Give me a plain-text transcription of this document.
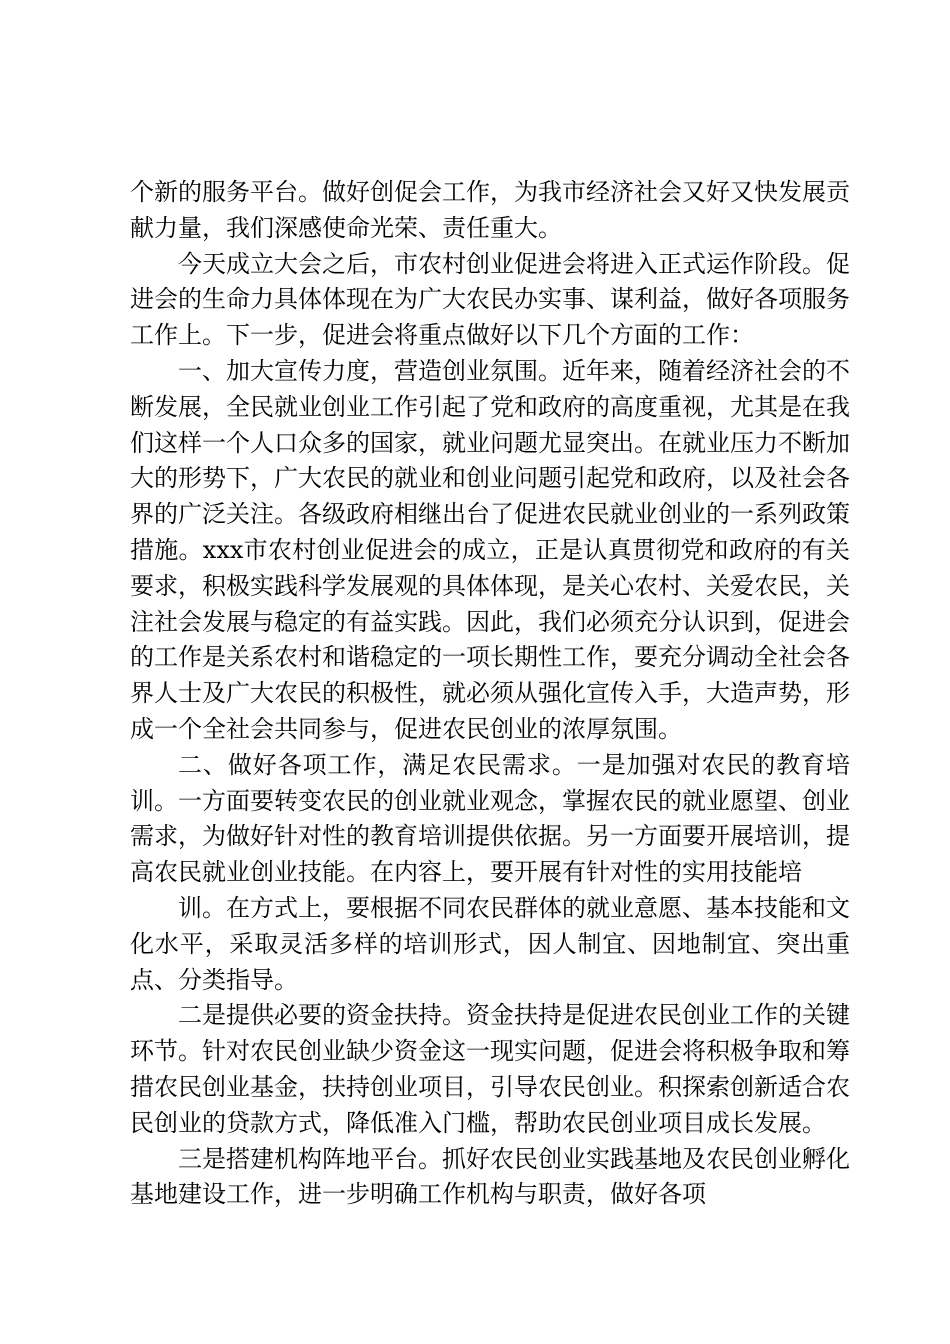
个新的服务平台。做好创促会工作，为我市经济社会又好又快发展贡献力量，我们深感使命光荣、责任重大。

今天成立大会之后，市农村创业促进会将进入正式运作阶段。促进会的生命力具体体现在为广大农民办实事、谋利益，做好各项服务工作上。下一步，促进会将重点做好以下几个方面的工作：

一、加大宣传力度，营造创业氛围。近年来，随着经济社会的不断发展，全民就业创业工作引起了党和政府的高度重视，尤其是在我们这样一个人口众多的国家，就业问题尤显突出。在就业压力不断加大的形势下，广大农民的就业和创业问题引起党和政府，以及社会各界的广泛关注。各级政府相继出台了促进农民就业创业的一系列政策措施。xxx市农村创业促进会的成立，正是认真贯彻党和政府的有关要求，积极实践科学发展观的具体体现，是关心农村、关爱农民，关注社会发展与稳定的有益实践。因此，我们必须充分认识到，促进会的工作是关系农村和谐稳定的一项长期性工作，要充分调动全社会各界人士及广大农民的积极性，就必须从强化宣传入手，大造声势，形成一个全社会共同参与，促进农民创业的浓厚氛围。

二、做好各项工作，满足农民需求。一是加强对农民的教育培训。一方面要转变农民的创业就业观念，掌握农民的就业愿望、创业需求，为做好针对性的教育培训提供依据。另一方面要开展培训，提高农民就业创业技能。在内容上，要开展有针对性的实用技能培

训。在方式上，要根据不同农民群体的就业意愿、基本技能和文化水平，采取灵活多样的培训形式，因人制宜、因地制宜、突出重点、分类指导。

二是提供必要的资金扶持。资金扶持是促进农民创业工作的关键环节。针对农民创业缺少资金这一现实问题，促进会将积极争取和筹措农民创业基金，扶持创业项目，引导农民创业。积探索创新适合农民创业的贷款方式，降低准入门槛，帮助农民创业项目成长发展。

三是搭建机构阵地平台。抓好农民创业实践基地及农民创业孵化基地建设工作，进一步明确工作机构与职责，做好各项
